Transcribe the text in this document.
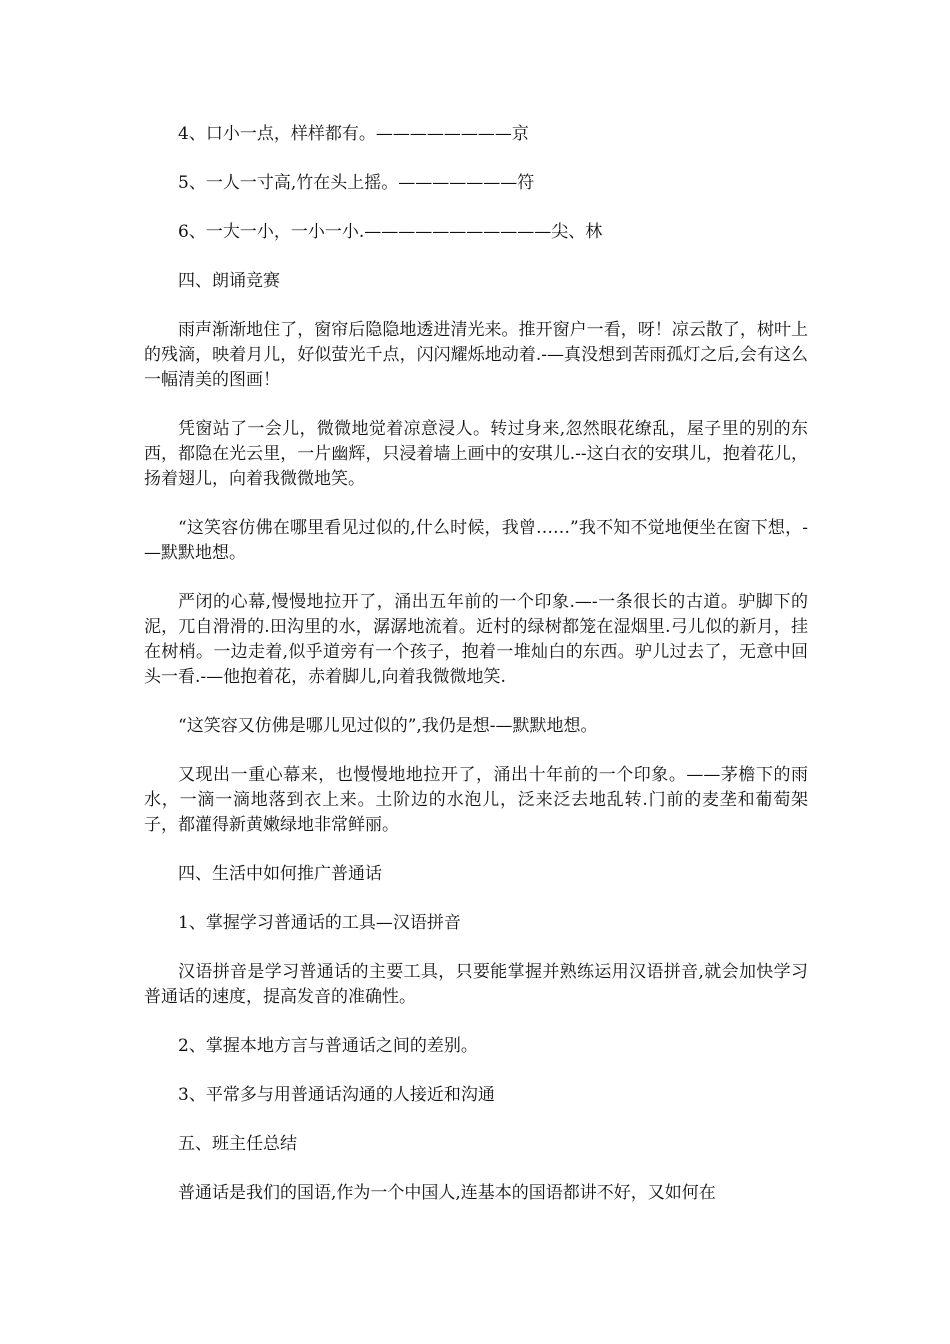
4、口小一点，样样都有。————————京

5、一人一寸高,竹在头上摇。———————符

6、一大一小，一小一小.———————————尖、林

四、朗诵竞赛

雨声渐渐地住了，窗帘后隐隐地透进清光来。推开窗户一看，呀！凉云散了，树叶上的残滴，映着月儿，好似萤光千点，闪闪耀烁地动着.-—真没想到苦雨孤灯之后,会有这么一幅清美的图画！

凭窗站了一会儿，微微地觉着凉意浸人。转过身来,忽然眼花缭乱，屋子里的别的东西，都隐在光云里，一片幽辉，只浸着墙上画中的安琪儿.--这白衣的安琪儿，抱着花儿，扬着翅儿，向着我微微地笑。

“这笑容仿佛在哪里看见过似的,什么时候，我曾……”我不知不觉地便坐在窗下想，-—默默地想。

严闭的心幕,慢慢地拉开了，涌出五年前的一个印象.—-一条很长的古道。驴脚下的泥，兀自滑滑的.田沟里的水，潺潺地流着。近村的绿树都笼在湿烟里.弓儿似的新月，挂在树梢。一边走着,似乎道旁有一个孩子，抱着一堆灿白的东西。驴儿过去了，无意中回头一看.-—他抱着花，赤着脚儿,向着我微微地笑.

“这笑容又仿佛是哪儿见过似的”,我仍是想-—默默地想。

又现出一重心幕来，也慢慢地地拉开了，涌出十年前的一个印象。——茅檐下的雨水，一滴一滴地落到衣上来。土阶边的水泡儿，泛来泛去地乱转.门前的麦垄和葡萄架子，都灌得新黄嫩绿地非常鲜丽。

四、生活中如何推广普通话

1、掌握学习普通话的工具—汉语拼音

汉语拼音是学习普通话的主要工具，只要能掌握并熟练运用汉语拼音,就会加快学习普通话的速度，提高发音的准确性。

2、掌握本地方言与普通话之间的差别。

3、平常多与用普通话沟通的人接近和沟通

五、班主任总结

普通话是我们的国语,作为一个中国人,连基本的国语都讲不好，又如何在
